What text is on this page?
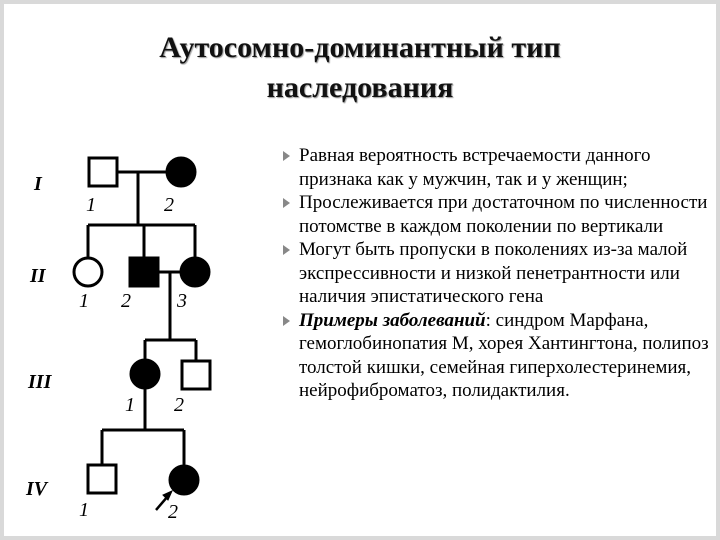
Аутосомно-доминантный тип
наследования
I
II
III
IV
1	2
1 2 3
1 2
1	2
Равная вероятность встречаемости данного признака как у мужчин, так и у женщин;
Прослеживается при достаточном по численности потомстве в каждом поколении по вертикали
Могут быть пропуски в поколениях из-за малой экспрессивности и низкой пенетрантности или наличия эпистатического гена
Примеры заболеваний: синдром Марфана, гемоглобинопатия М, хорея Хантингтона, полипоз толстой кишки, семейная гиперхолестеринемия, нейрофиброматоз, полидактилия.
